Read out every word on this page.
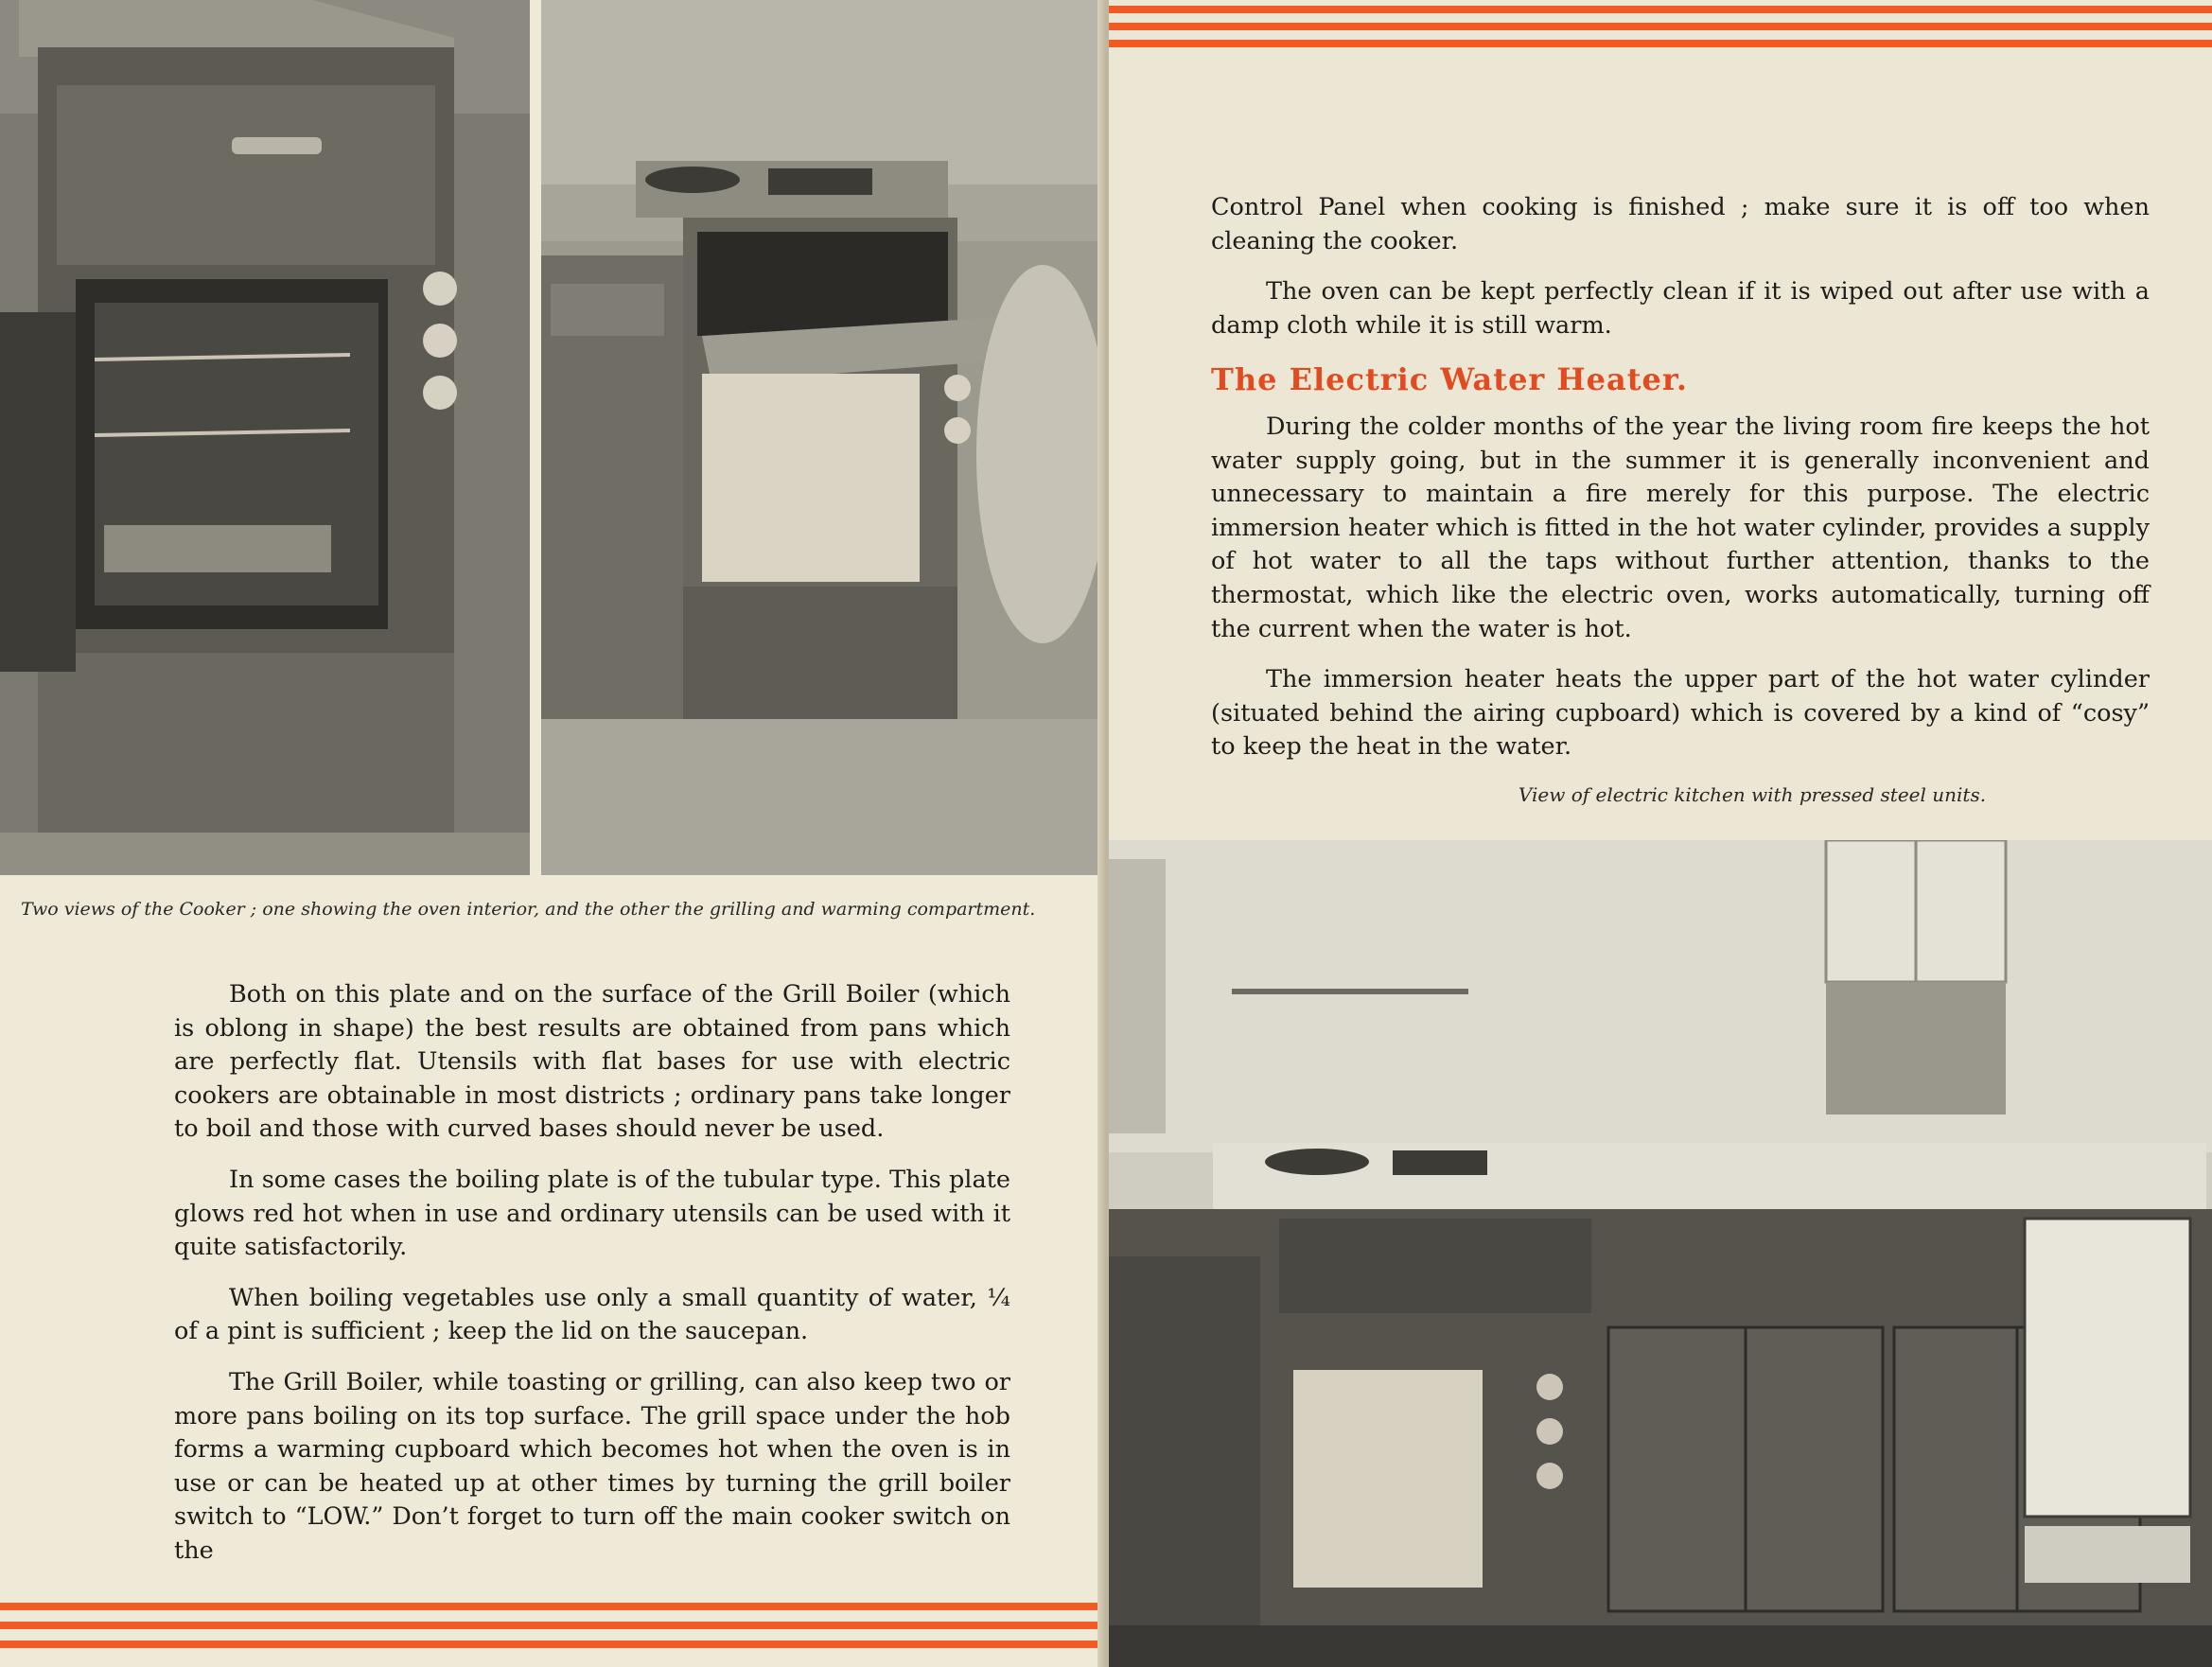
Two views of the Cooker ; one showing the oven interior, and the other the grilling and warming compartment.

Both on this plate and on the surface of the Grill Boiler (which is oblong in shape) the best results are obtained from pans which are perfectly flat. Utensils with flat bases for use with electric cookers are obtainable in most districts ; ordinary pans take longer to boil and those with curved bases should never be used.

In some cases the boiling plate is of the tubular type. This plate glows red hot when in use and ordinary utensils can be used with it quite satisfactorily.

When boiling vegetables use only a small quantity of water, ¼ of a pint is sufficient ; keep the lid on the saucepan.

The Grill Boiler, while toasting or grilling, can also keep two or more pans boiling on its top surface. The grill space under the hob forms a warming cupboard which becomes hot when the oven is in use or can be heated up at other times by turning the grill boiler switch to “LOW.” Don’t forget to turn off the main cooker switch on the

Control Panel when cooking is finished ; make sure it is off too when cleaning the cooker.

The oven can be kept perfectly clean if it is wiped out after use with a damp cloth while it is still warm.

The Electric Water Heater.

During the colder months of the year the living room fire keeps the hot water supply going, but in the summer it is generally inconvenient and unnecessary to maintain a fire merely for this purpose. The electric immersion heater which is fitted in the hot water cylinder, provides a supply of hot water to all the taps without further attention, thanks to the thermostat, which like the electric oven, works automatically, turning off the current when the water is hot.

The immersion heater heats the upper part of the hot water cylinder (situated behind the airing cupboard) which is covered by a kind of “cosy” to keep the heat in the water.

View of electric kitchen with pressed steel units.
